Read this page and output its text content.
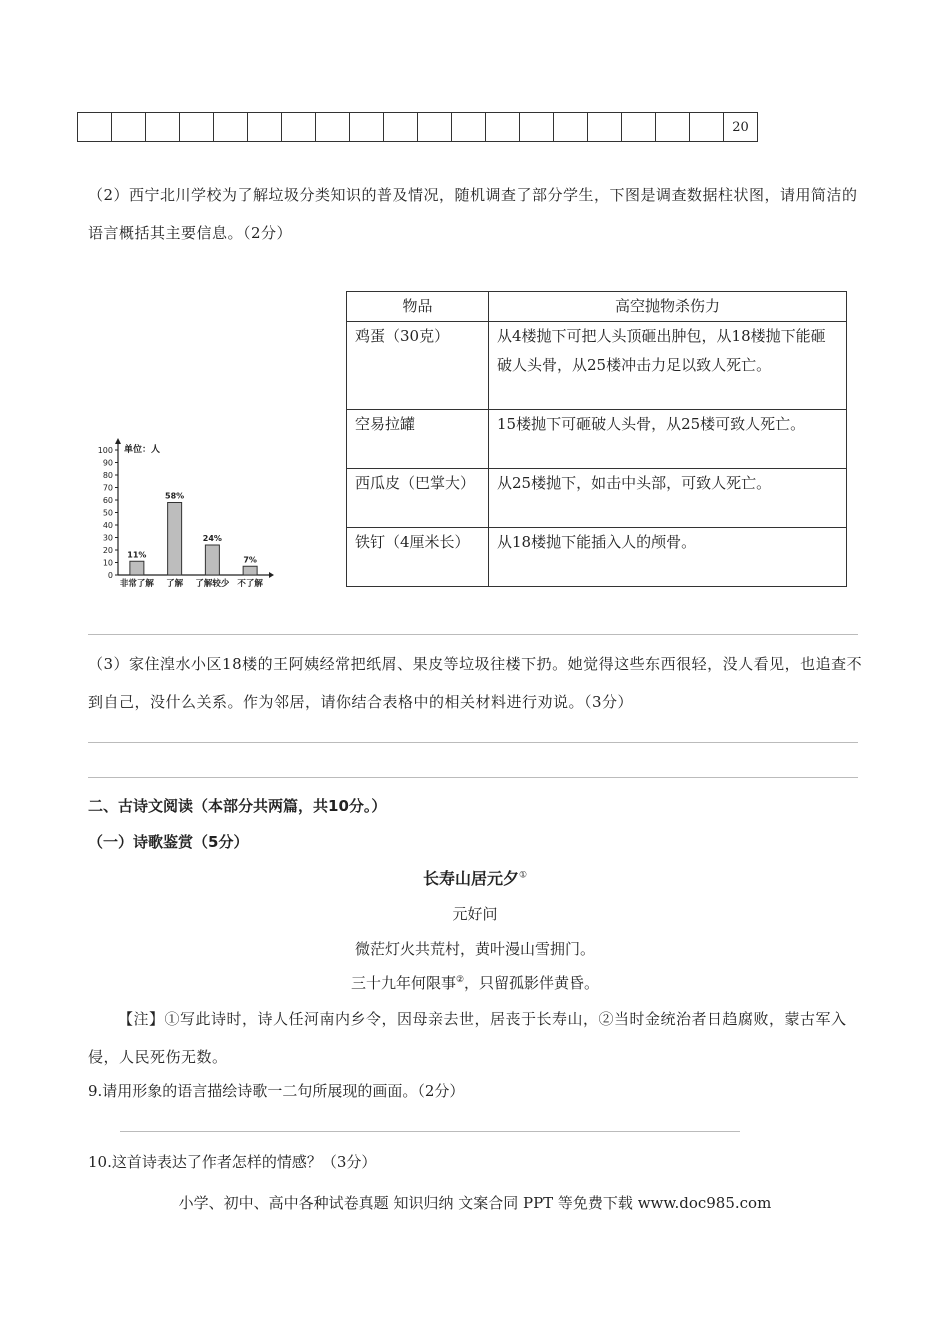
																			20
（2）西宁北川学校为了解垃圾分类知识的普及情况，随机调查了部分学生，下图是调查数据柱状图，请用简洁的语言概括其主要信息。（2分）
单位：人
0
10
20
30
40
50
60
70
80
90
100
11%
非常了解
58%
了解
24%
了解较少
7%
不了解
物品	高空抛物杀伤力
鸡蛋（30克）	从4楼抛下可把人头顶砸出肿包，从18楼抛下能砸破人头骨，从25楼冲击力足以致人死亡。
空易拉罐	15楼抛下可砸破人头骨，从25楼可致人死亡。
西瓜皮（巴掌大）	从25楼抛下，如击中头部，可致人死亡。
铁钉（4厘米长）	从18楼抛下能插入人的颅骨。
（3）家住湟水小区18楼的王阿姨经常把纸屑、果皮等垃圾往楼下扔。她觉得这些东西很轻，没人看见，也追查不到自己，没什么关系。作为邻居，请你结合表格中的相关材料进行劝说。（3分）
二、古诗文阅读（本部分共两篇，共10分。）
（一）诗歌鉴赏（5分）
长寿山居元夕①
元好问
微茫灯火共荒村，黄叶漫山雪拥门。
三十九年何限事②，只留孤影伴黄昏。
【注】①写此诗时，诗人任河南内乡令，因母亲去世，居丧于长寿山，②当时金统治者日趋腐败，蒙古军入侵，人民死伤无数。
9.请用形象的语言描绘诗歌一二句所展现的画面。（2分）
10.这首诗表达了作者怎样的情感？（3分）
小学、初中、高中各种试卷真题 知识归纳 文案合同 PPT 等免费下载 www.doc985.com
